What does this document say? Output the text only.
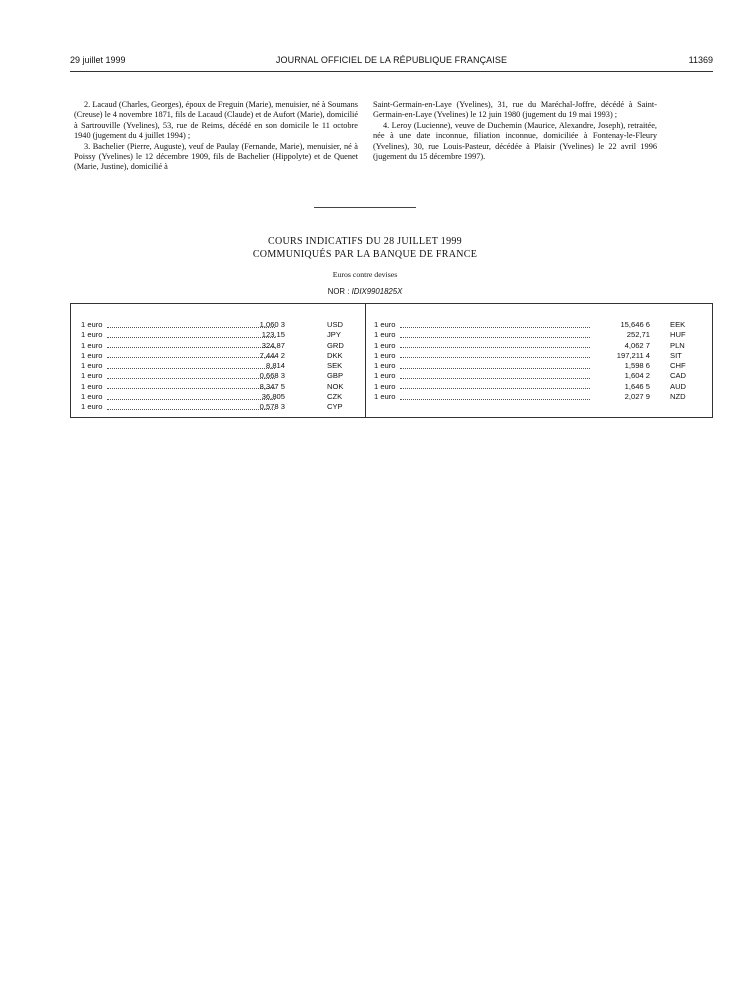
29 juillet 1999	JOURNAL OFFICIEL DE LA RÉPUBLIQUE FRANÇAISE	11369

2. Lacaud (Charles, Georges), époux de Freguin (Marie), menuisier, né à Soumans (Creuse) le 4 novembre 1871, fils de Lacaud (Claude) et de Aufort (Marie), domicilié à Sartrouville (Yvelines), 53, rue de Reims, décédé en son domicile le 11 octobre 1940 (jugement du 4 juillet 1994) ;

3. Bachelier (Pierre, Auguste), veuf de Paulay (Fernande, Marie), menuisier, né à Poissy (Yvelines) le 12 décembre 1909, fils de Bachelier (Hippolyte) et de Quenet (Marie, Justine), domicilié à

Saint-Germain-en-Laye (Yvelines), 31, rue du Maréchal-Joffre, décédé à Saint-Germain-en-Laye (Yvelines) le 12 juin 1980 (jugement du 19 mai 1993) ;

4. Leroy (Lucienne), veuve de Duchemin (Maurice, Alexandre, Joseph), retraitée, née à une date inconnue, filiation inconnue, domiciliée à Fontenay-le-Fleury (Yvelines), 30, rue Louis-Pasteur, décédée à Plaisir (Yvelines) le 22 avril 1996 (jugement du 15 décembre 1997).

COURS INDICATIFS DU 28 JUILLET 1999
COMMUNIQUÉS PAR LA BANQUE DE FRANCE
Euros contre devises
NOR : IDIX9901825X
1 euro	1,060 3	USD
1 euro	123,15	JPY
1 euro	324,87	GRD
1 euro	7,444 2	DKK
1 euro	8,814	SEK
1 euro	0,668 3	GBP
1 euro	8,347 5	NOK
1 euro	36,805	CZK
1 euro	0,578 3	CYP
1 euro	15,646 6	EEK
1 euro	252,71	HUF
1 euro	4,062 7	PLN
1 euro	197,211 4	SIT
1 euro	1,598 6	CHF
1 euro	1,604 2	CAD
1 euro	1,646 5	AUD
1 euro	2,027 9	NZD
